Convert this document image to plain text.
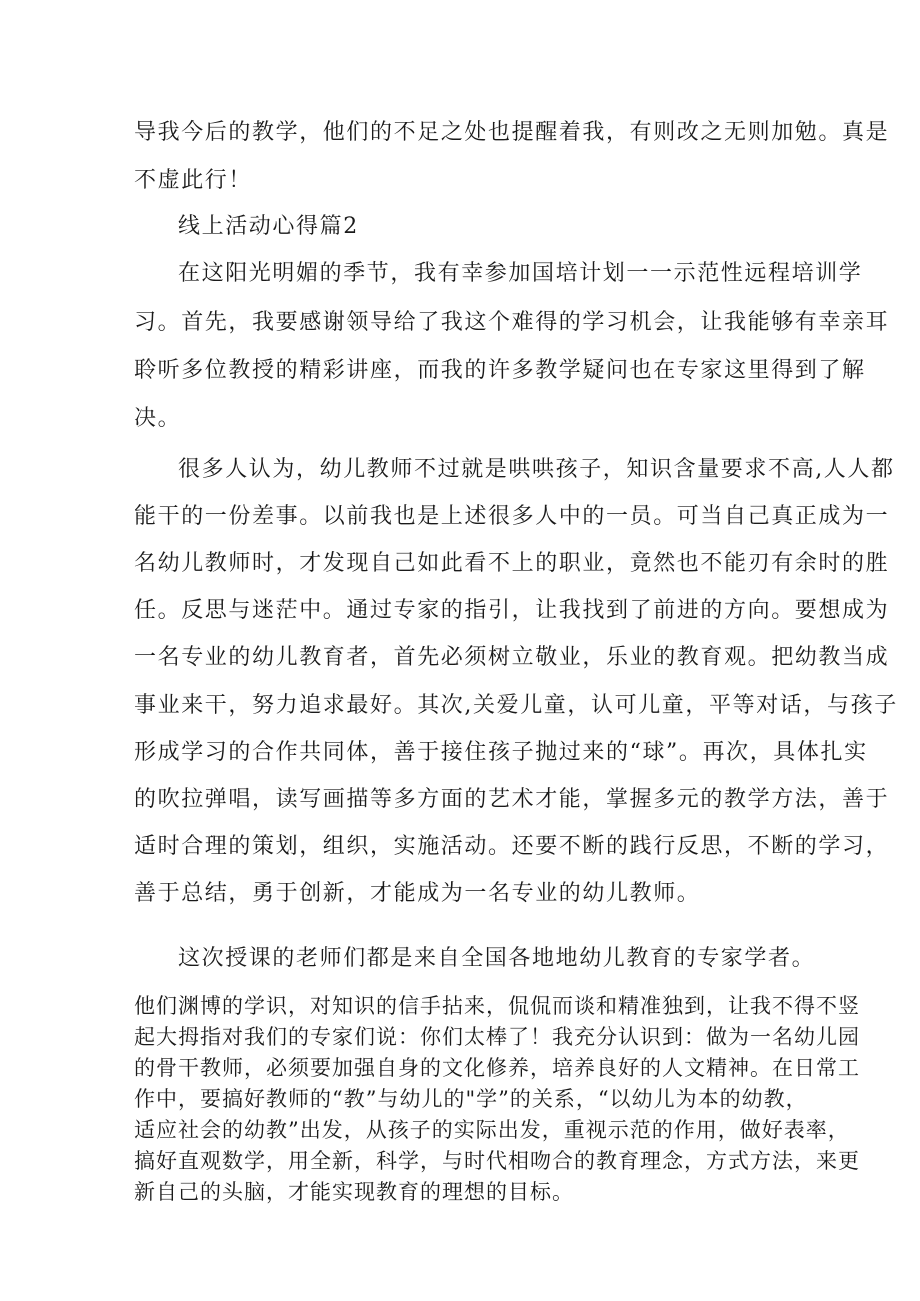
导我今后的教学，他们的不足之处也提醒着我，有则改之无则加勉。真是
不虚此行！
线上活动心得篇2
在这阳光明媚的季节，我有幸参加国培计划一一示范性远程培训学
习。首先，我要感谢领导给了我这个难得的学习机会，让我能够有幸亲耳
聆听多位教授的精彩讲座，而我的许多教学疑问也在专家这里得到了解
决。
很多人认为，幼儿教师不过就是哄哄孩子，知识含量要求不高,人人都
能干的一份差事。以前我也是上述很多人中的一员。可当自己真正成为一
名幼儿教师时，才发现自己如此看不上的职业，竟然也不能刃有余时的胜
任。反思与迷茫中。通过专家的指引，让我找到了前进的方向。要想成为
一名专业的幼儿教育者，首先必须树立敬业，乐业的教育观。把幼教当成
事业来干，努力追求最好。其次,关爱儿童，认可儿童，平等对话，与孩子
形成学习的合作共同体，善于接住孩子抛过来的“球”。再次，具体扎实
的吹拉弹唱，读写画描等多方面的艺术才能，掌握多元的教学方法，善于
适时合理的策划，组织，实施活动。还要不断的践行反思，不断的学习，
善于总结，勇于创新，才能成为一名专业的幼儿教师。
这次授课的老师们都是来自全国各地地幼儿教育的专家学者。
他们渊博的学识，对知识的信手拈来，侃侃而谈和精准独到，让我不得不竖
起大拇指对我们的专家们说：你们太棒了！我充分认识到：做为一名幼儿园
的骨干教师，必须要加强自身的文化修养，培养良好的人文精神。在日常工
作中，要搞好教师的“教”与幼儿的"学”的关系，“以幼儿为本的幼教，
适应社会的幼教”出发，从孩子的实际出发，重视示范的作用，做好表率，
搞好直观数学，用全新，科学，与时代相吻合的教育理念，方式方法，来更
新自己的头脑，才能实现教育的理想的目标。
